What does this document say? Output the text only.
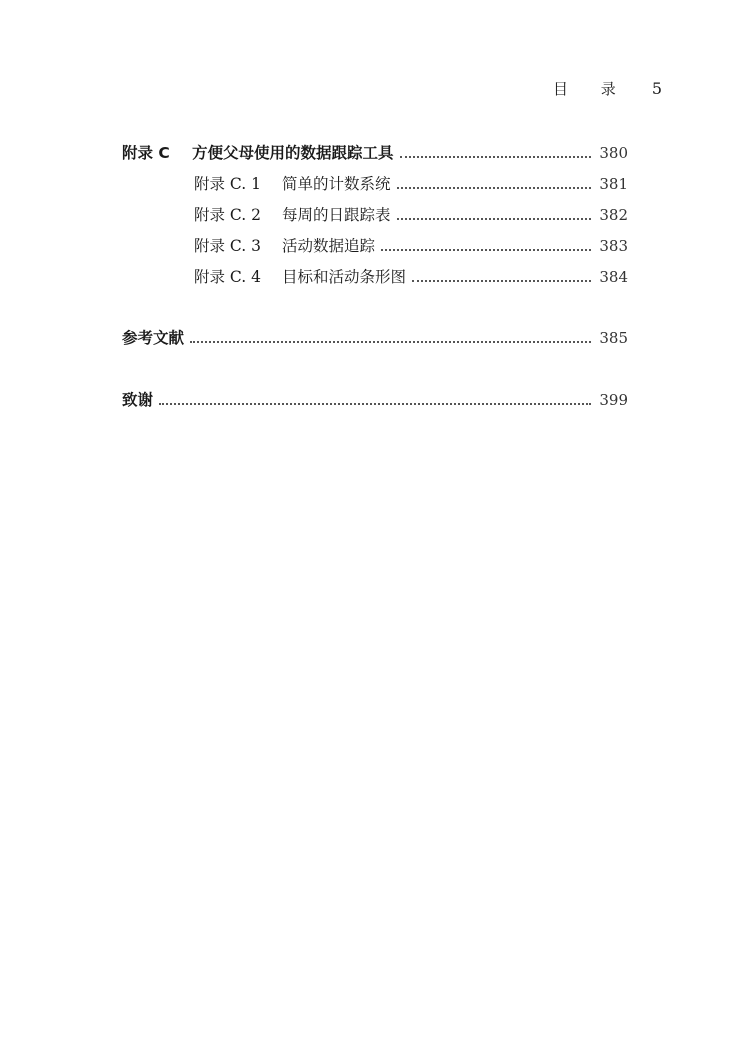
目 录 5
附录 C 方便父母使用的数据跟踪工具	380
附录 C. 1 简单的计数系统	381
附录 C. 2 每周的日跟踪表	382
附录 C. 3 活动数据追踪	383
附录 C. 4 目标和活动条形图	384
参考文献	385
致谢	399
